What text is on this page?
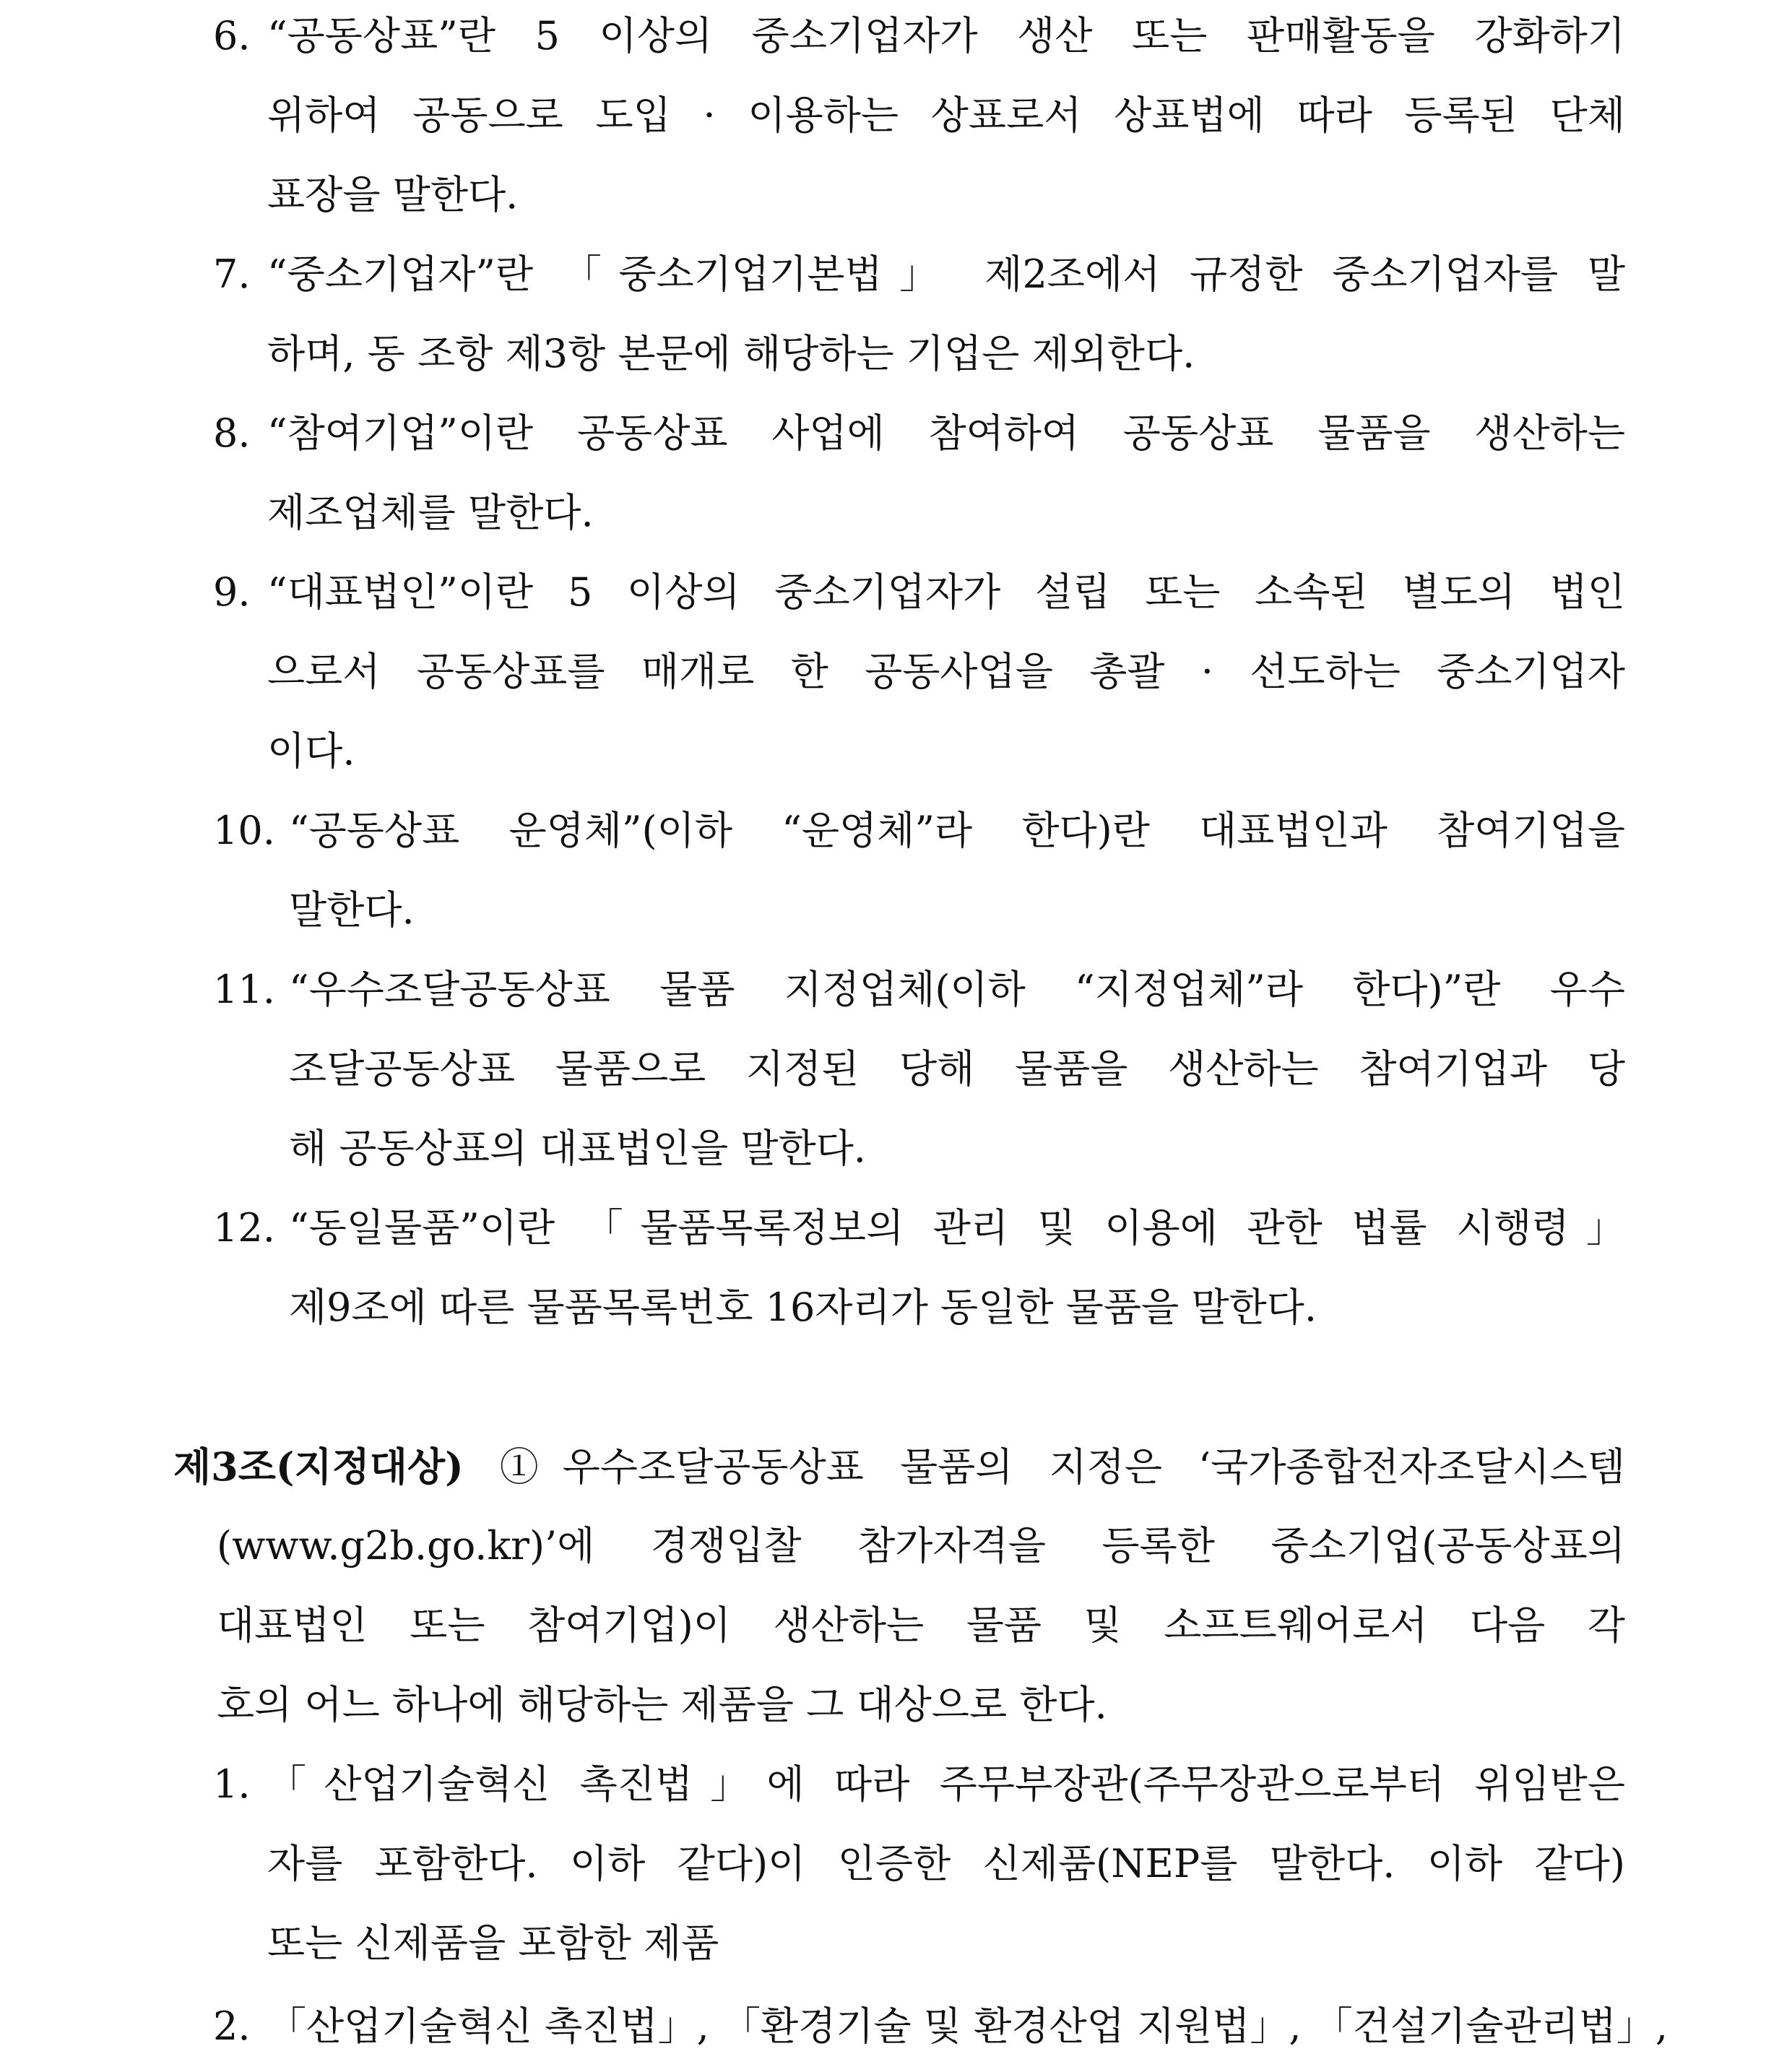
6. “공동상표”란 5 이상의 중소기업자가 생산 또는 판매활동을 강화하기
위하여 공동으로 도입 · 이용하는 상표로서 상표법에 따라 등록된 단체
표장을 말한다.
7. “중소기업자”란 「중소기업기본법」 제2조에서 규정한 중소기업자를 말
하며, 동 조항 제3항 본문에 해당하는 기업은 제외한다.
8. “참여기업”이란 공동상표 사업에 참여하여 공동상표 물품을 생산하는
제조업체를 말한다.
9. “대표법인”이란 5 이상의 중소기업자가 설립 또는 소속된 별도의 법인
으로서 공동상표를 매개로 한 공동사업을 총괄 · 선도하는 중소기업자
이다.
10. “공동상표 운영체”(이하 “운영체”라 한다)란 대표법인과 참여기업을
말한다.
11. “우수조달공동상표 물품 지정업체(이하 “지정업체”라 한다)”란 우수
조달공동상표 물품으로 지정된 당해 물품을 생산하는 참여기업과 당
해 공동상표의 대표법인을 말한다.
12. “동일물품”이란 「물품목록정보의 관리 및 이용에 관한 법률 시행령」
제9조에 따른 물품목록번호 16자리가 동일한 물품을 말한다.
제3조(지정대상) ①우수조달공동상표 물품의 지정은 ‘국가종합전자조달시스템
(www.g2b.go.kr)’에 경쟁입찰 참가자격을 등록한 중소기업(공동상표의
대표법인 또는 참여기업)이 생산하는 물품 및 소프트웨어로서 다음 각
호의 어느 하나에 해당하는 제품을 그 대상으로 한다.
1. 「산업기술혁신 촉진법」에 따라 주무부장관(주무장관으로부터 위임받은
자를 포함한다. 이하 같다)이 인증한 신제품(NEP를 말한다. 이하 같다)
또는 신제품을 포함한 제품
2. 「산업기술혁신 촉진법」, 「환경기술 및 환경산업 지원법」, 「건설기술관리법」,
